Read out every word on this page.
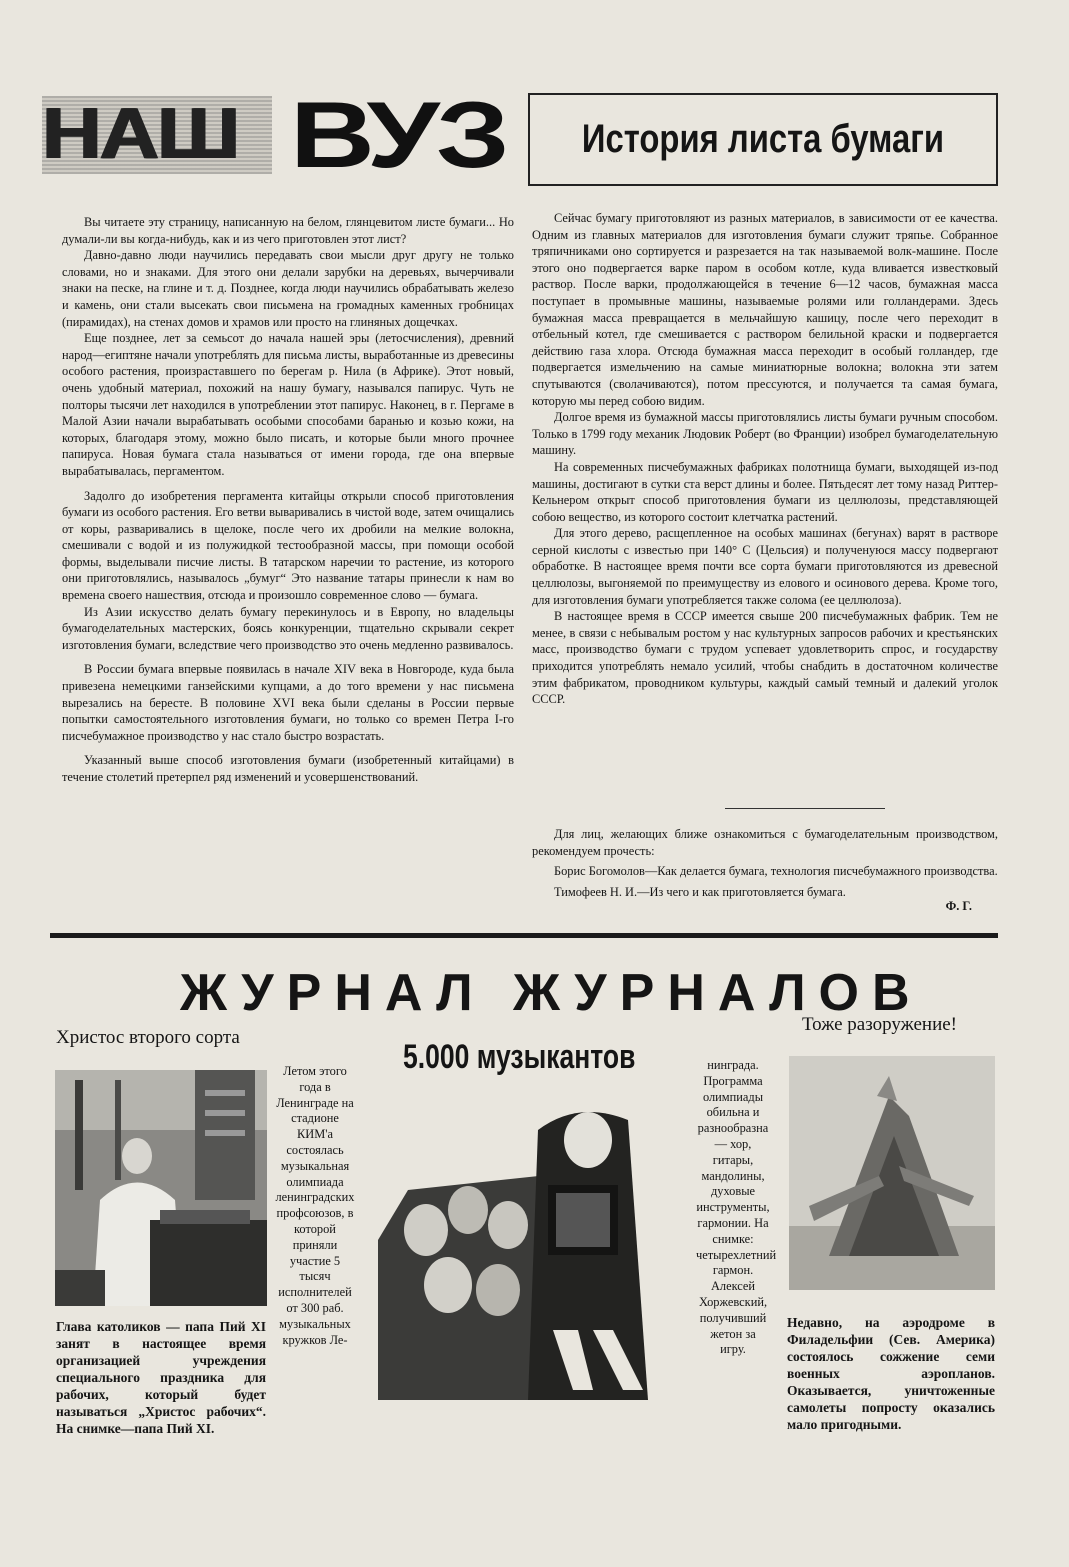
НАШ ВУЗ История листа бумаги

Вы читаете эту страницу, написанную на белом, глянцевитом листе бумаги... Но думали-ли вы когда-нибудь, как и из чего приготовлен этот лист?

Давно-давно люди научились передавать свои мысли друг другу не только словами, но и знаками. Для этого они делали зарубки на деревьях, вычерчивали знаки на песке, на глине и т. д. Позднее, когда люди научились обрабатывать железо и камень, они стали высекать свои письмена на громадных каменных гробницах (пирамидах), на стенах домов и храмов или просто на глиняных дощечках.

Еще позднее, лет за семьсот до начала нашей эры (летосчисления), древний народ—египтяне начали употреблять для письма листы, выработанные из древесины особого растения, произраставшего по берегам р. Нила (в Африке). Этот новый, очень удобный материал, похожий на нашу бумагу, назывался папирус. Чуть не полторы тысячи лет находился в употреблении этот папирус. Наконец, в г. Пергаме в Малой Азии начали вырабатывать особыми способами баранью и козью кожи, на которых, благодаря этому, можно было писать, и которые были много прочнее папируса. Новая бумага стала называться от имени города, где она впервые вырабатывалась, пергаментом.

Задолго до изобретения пергамента китайцы открыли способ приготовления бумаги из особого растения. Его ветви вываривались в чистой воде, затем очищались от коры, разваривались в щелоке, после чего их дробили на мелкие волокна, смешивали с водой и из полужидкой тестообразной массы, при помощи особой формы, выделывали писчие листы. В татарском наречии то растение, из которого они приготовлялись, называлось „бумуг“ Это название татары принесли к нам во времена своего нашествия, отсюда и произошло современное слово — бумага.

Из Азии искусство делать бумагу перекинулось и в Европу, но владельцы бумагоделательных мастерских, боясь конкуренции, тщательно скрывали секрет изготовления бумаги, вследствие чего производство это очень медленно развивалось.

В России бумага впервые появилась в начале XIV века в Новгороде, куда была привезена немецкими ганзейскими купцами, а до того времени у нас письмена вырезались на бересте. В половине XVI века были сделаны в России первые попытки самостоятельного изготовления бумаги, но только со времен Петра I-го писчебумажное производство у нас стало быстро возрастать.

Указанный выше способ изготовления бумаги (изобретенный китайцами) в течение столетий претерпел ряд изменений и усовершенствований.

Сейчас бумагу приготовляют из разных материалов, в зависимости от ее качества. Одним из главных материалов для изготовления бумаги служит тряпье. Собранное тряпичниками оно сортируется и разрезается на так называемой волк-машине. После этого оно подвергается варке паром в особом котле, куда вливается известковый раствор. После варки, продолжающейся в течение 6—12 часов, бумажная масса поступает в промывные машины, называемые ролями или голландерами. Здесь бумажная масса превращается в мельчайшую кашицу, после чего переходит в отбельный котел, где смешивается с раствором белильной краски и подвергается действию газа хлора. Отсюда бумажная масса переходит в особый голландер, где подвергается измельчению на самые миниатюрные волокна; волокна эти затем спутываются (сволачиваются), потом прессуются, и получается та самая бумага, которую мы перед собою видим.

Долгое время из бумажной массы приготовлялись листы бумаги ручным способом. Только в 1799 году механик Людовик Роберт (во Франции) изобрел бумагоделательную машину.

На современных писчебумажных фабриках полотнища бумаги, выходящей из-под машины, достигают в сутки ста верст длины и более. Пятьдесят лет тому назад Риттер-Кельнером открыт способ приготовления бумаги из целлюлозы, представляющей собою вещество, из которого состоит клетчатка растений.

Для этого дерево, расщепленное на особых машинах (бегунах) варят в растворе серной кислоты с известью при 140° С (Цельсия) и полученуюся массу подвергают обработке. В настоящее время почти все сорта бумаги приготовляются из древесной целлюлозы, выгоняемой по преимуществу из елового и осинового дерева. Кроме того, для изготовления бумаги употребляется также солома (ее целлюлоза).

В настоящее время в СССР имеется свыше 200 писчебумажных фабрик. Тем не менее, в связи с небывалым ростом у нас культурных запросов рабочих и крестьянских масс, производство бумаги с трудом успевает удовлетворить спрос, и государству приходится употреблять немало усилий, чтобы снабдить в достаточном количестве этим фабрикатом, проводником культуры, каждый самый темный и далекий уголок СССР.

Для лиц, желающих ближе ознакомиться с бумагоделательным производством, рекомендуем прочесть:

Борис Богомолов—Как делается бумага, технология писчебумажного производства.

Тимофеев Н. И.—Из чего и как приготовляется бумага.

Ф. Г.
ЖУРНАЛ ЖУРНАЛОВ
Христос второго сорта
Тоже разоружение!
5.000 музыкантов
Летом этого года в Ленинграде на стадионе КИМ'а состоялась музыкальная олимпиада ленинградских профсоюзов, в которой приняли участие 5 тысяч исполнителей от 300 раб. музыкальных кружков Ле-
нинграда. Программа олимпиады обильна и разнообразна— хор, гитары, мандолины, духовые инструменты, гармонии. На снимке: четырехлетний гармон. Алексей Хоржевский, получивший жетон за игру.
Глава католиков — папа Пий XI занят в настоящее время организацией учреждения специального праздника для рабочих, который будет называться „Христос рабочих“. На снимке—папа Пий XI.
Недавно, на аэродроме в Филадельфии (Сев. Америка) состоялось сожжение семи военных аэропланов. Оказывается, уничтоженные самолеты попросту оказались мало пригодными.
